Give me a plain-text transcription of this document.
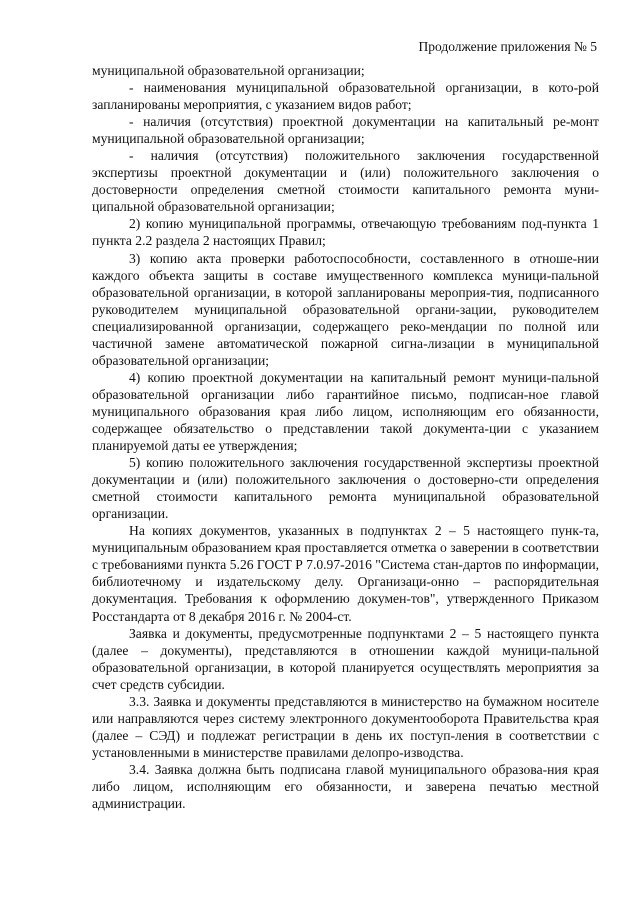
Продолжение приложения № 5

муниципальной образовательной организации;

- наименования муниципальной образовательной организации, в кото-рой запланированы мероприятия, с указанием видов работ;

- наличия (отсутствия) проектной документации на капитальный ре-монт муниципальной образовательной организации;

- наличия (отсутствия) положительного заключения государственной экспертизы проектной документации и (или) положительного заключения о достоверности определения сметной стоимости капитального ремонта муни-ципальной образовательной организации;

2) копию муниципальной программы, отвечающую требованиям под-пункта 1 пункта 2.2 раздела 2 настоящих Правил;

3) копию акта проверки работоспособности, составленного в отноше-нии каждого объекта защиты в составе имущественного комплекса муници-пальной образовательной организации, в которой запланированы мероприя-тия, подписанного руководителем муниципальной образовательной органи-зации, руководителем специализированной организации, содержащего реко-мендации по полной или частичной замене автоматической пожарной сигна-лизации в муниципальной образовательной организации;

4) копию проектной документации на капитальный ремонт муници-пальной образовательной организации либо гарантийное письмо, подписан-ное главой муниципального образования края либо лицом, исполняющим его обязанности, содержащее обязательство о представлении такой документа-ции с указанием планируемой даты ее утверждения;

5) копию положительного заключения государственной экспертизы проектной документации и (или) положительного заключения о достоверно-сти определения сметной стоимости капитального ремонта муниципальной образовательной организации.

На копиях документов, указанных в подпунктах 2 – 5 настоящего пунк-та, муниципальным образованием края проставляется отметка о заверении в соответствии с требованиями пункта 5.26 ГОСТ Р 7.0.97-2016 "Система стан-дартов по информации, библиотечному и издательскому делу. Организаци-онно – распорядительная документация. Требования к оформлению докумен-тов", утвержденного Приказом Росстандарта от 8 декабря 2016 г. № 2004-ст.

Заявка и документы, предусмотренные подпунктами 2 – 5 настоящего пункта (далее – документы), представляются в отношении каждой муници-пальной образовательной организации, в которой планируется осуществлять мероприятия за счет средств субсидии.

3.3. Заявка и документы представляются в министерство на бумажном носителе или направляются через систему электронного документооборота Правительства края (далее – СЭД) и подлежат регистрации в день их поступ-ления в соответствии с установленными в министерстве правилами делопро-изводства.

3.4. Заявка должна быть подписана главой муниципального образова-ния края либо лицом, исполняющим его обязанности, и заверена печатью местной администрации.
